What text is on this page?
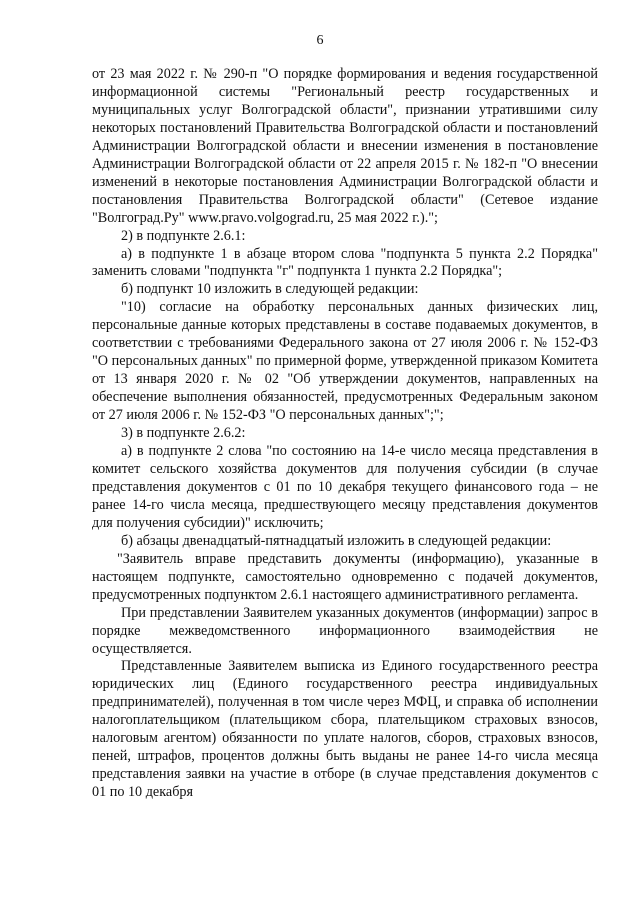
6

от 23 мая 2022 г. № 290-п "О порядке формирования и ведения государственной информационной системы "Региональный реестр государственных и муниципальных услуг Волгоградской области", признании утратившими силу некоторых постановлений Правительства Волгоградской области и постановлений Администрации Волгоградской области и внесении изменения в постановление Администрации Волгоградской области от 22 апреля 2015 г. № 182-п "О внесении изменений в некоторые постановления Администрации Волгоградской области и постановления Правительства Волгоградской области" (Сетевое издание "Волгоград.Ру" www.pravo.volgograd.ru, 25 мая 2022 г.).";

2) в подпункте 2.6.1:

а) в подпункте 1 в абзаце втором слова "подпункта 5 пункта 2.2 Порядка" заменить словами "подпункта "г" подпункта 1 пункта 2.2 Порядка";

б) подпункт 10 изложить в следующей редакции:

"10) согласие на обработку персональных данных физических лиц, персональные данные которых представлены в составе подаваемых документов, в соответствии с требованиями Федерального закона от 27 июля 2006 г. № 152-ФЗ "О персональных данных" по примерной форме, утвержденной приказом Комитета от 13 января 2020 г. № 02 "Об утверждении документов, направленных на обеспечение выполнения обязанностей, предусмотренных Федеральным законом от 27 июля 2006 г. № 152-ФЗ "О персональных данных";";

3) в подпункте 2.6.2:

а) в подпункте 2 слова "по состоянию на 14-е число месяца представления в комитет сельского хозяйства документов для получения субсидии (в случае представления документов с 01 по 10 декабря текущего финансового года – не ранее 14-го числа месяца, предшествующего месяцу представления документов для получения субсидии)" исключить;

б) абзацы двенадцатый-пятнадцатый изложить в следующей редакции:

"Заявитель вправе представить документы (информацию), указанные в настоящем подпункте, самостоятельно одновременно с подачей документов, предусмотренных подпунктом 2.6.1 настоящего административного регламента.

При представлении Заявителем указанных документов (информации) запрос в порядке межведомственного информационного взаимодействия не осуществляется.

Представленные Заявителем выписка из Единого государственного реестра юридических лиц (Единого государственного реестра индивидуальных предпринимателей), полученная в том числе через МФЦ, и справка об исполнении налогоплательщиком (плательщиком сбора, плательщиком страховых взносов, налоговым агентом) обязанности по уплате налогов, сборов, страховых взносов, пеней, штрафов, процентов должны быть выданы не ранее 14-го числа месяца представления заявки на участие в отборе (в случае представления документов с 01 по 10 декабря
